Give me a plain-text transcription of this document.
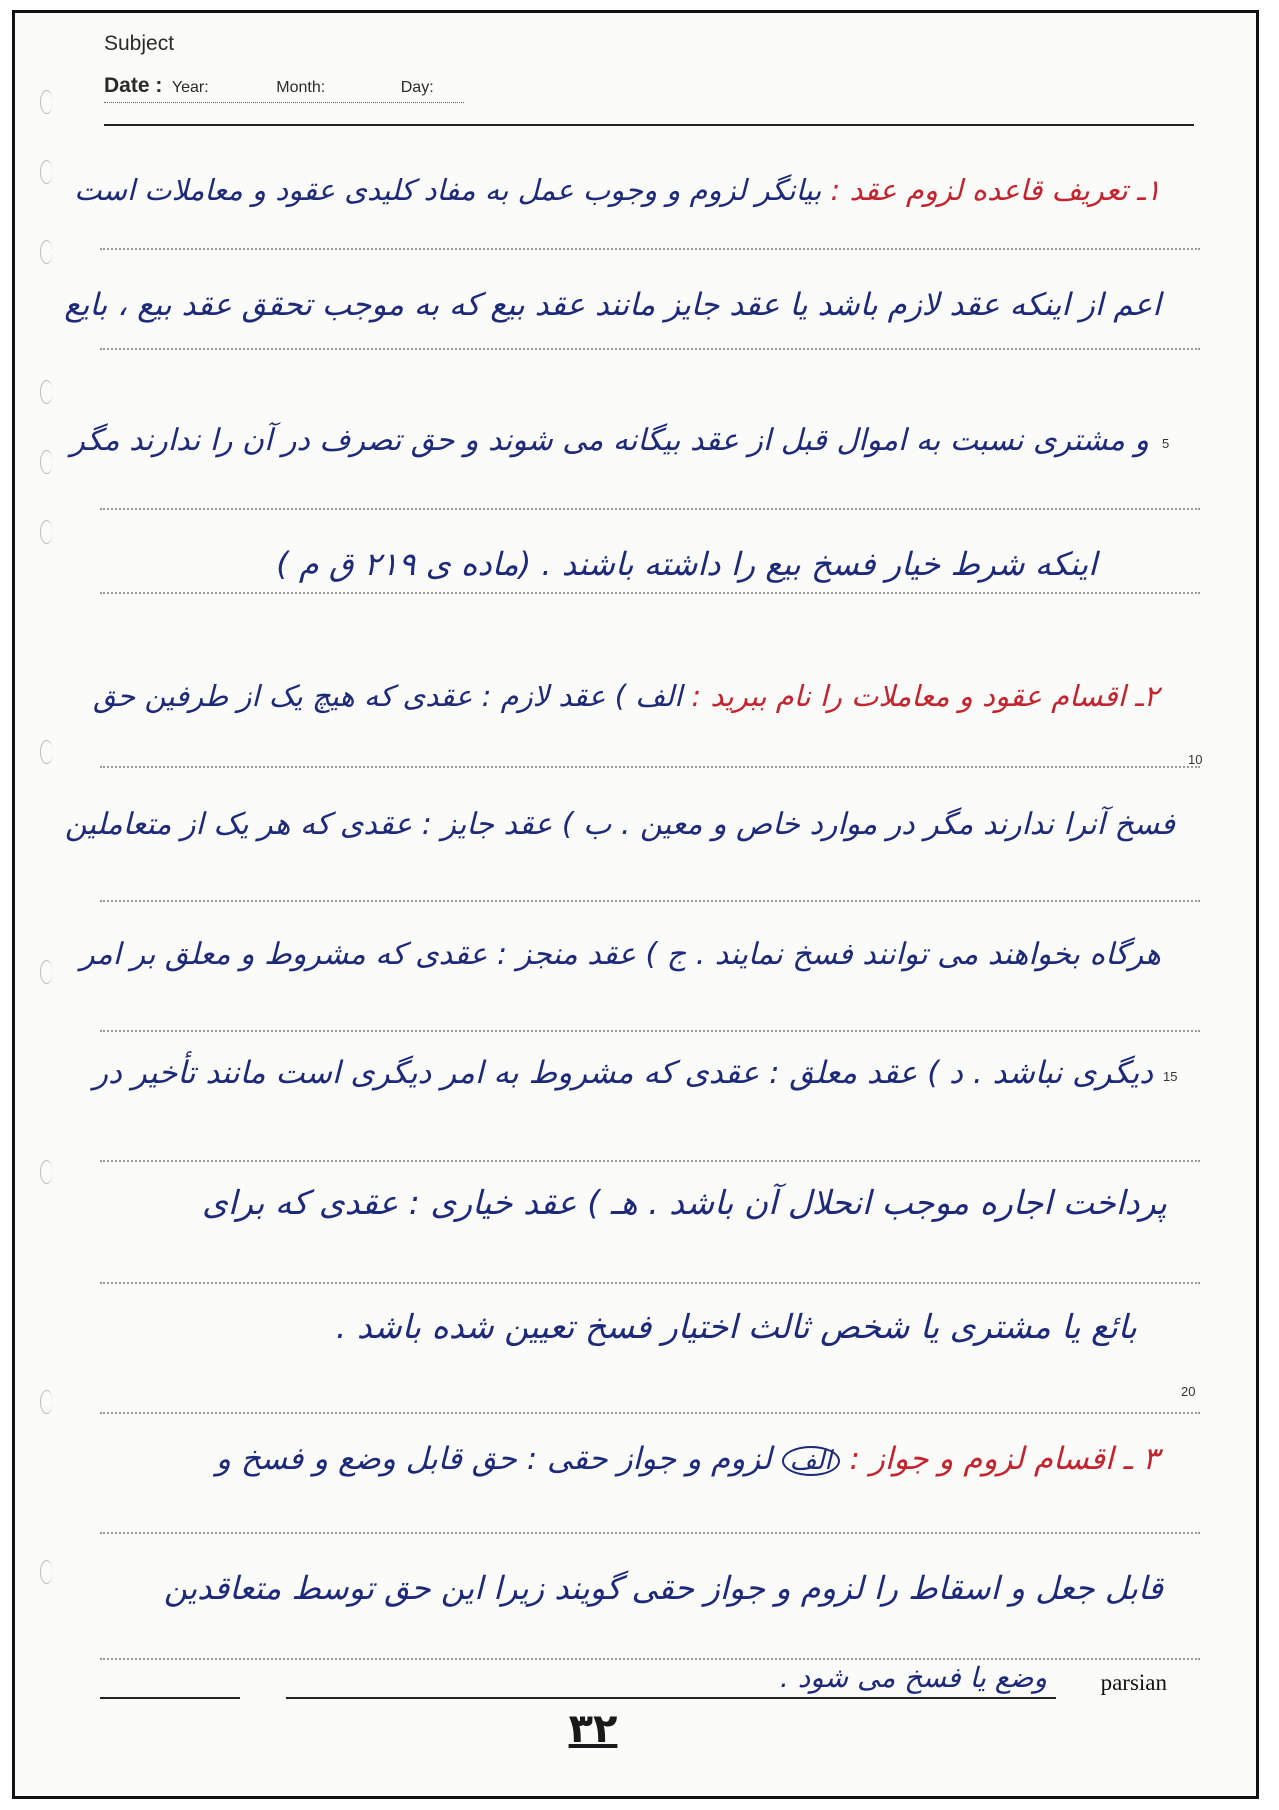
Subject
Date : Year:	Month:	Day:
5
10
15
20
۱ـ تعریف قاعده لزوم عقد : بیانگر لزوم و وجوب عمل به مفاد کلیدی عقود و معاملات است
اعم از اینکه عقد لازم باشد یا عقد جایز مانند عقد بیع که به موجب تحقق عقد بیع ، بایع
و مشتری نسبت به اموال قبل از عقد بیگانه می شوند و حق تصرف در آن را ندارند مگر
اینکه شرط خیار فسخ بیع را داشته باشند . (ماده ی ۲۱۹ ق م )
۲ـ اقسام عقود و معاملات را نام ببرید : الف ) عقد لازم : عقدی که هیچ یک از طرفین حق
فسخ آنرا ندارند مگر در موارد خاص و معین . ب ) عقد جایز : عقدی که هر یک از متعاملین
هرگاه بخواهند می توانند فسخ نمایند . ج ) عقد منجز : عقدی که مشروط و معلق بر امر
دیگری نباشد . د ) عقد معلق : عقدی که مشروط به امر دیگری است مانند تأخیر در
پرداخت اجاره موجب انحلال آن باشد . هـ ) عقد خیاری : عقدی که برای
بائع یا مشتری یا شخص ثالث اختیار فسخ تعیین شده باشد .
۳ ـ اقسام لزوم و جواز : الف لزوم و جواز حقی : حق قابل وضع و فسخ و
قابل جعل و اسقاط را لزوم و جواز حقی گویند زیرا این حق توسط متعاقدین
وضع یا فسخ می شود . parsian
۳۲
